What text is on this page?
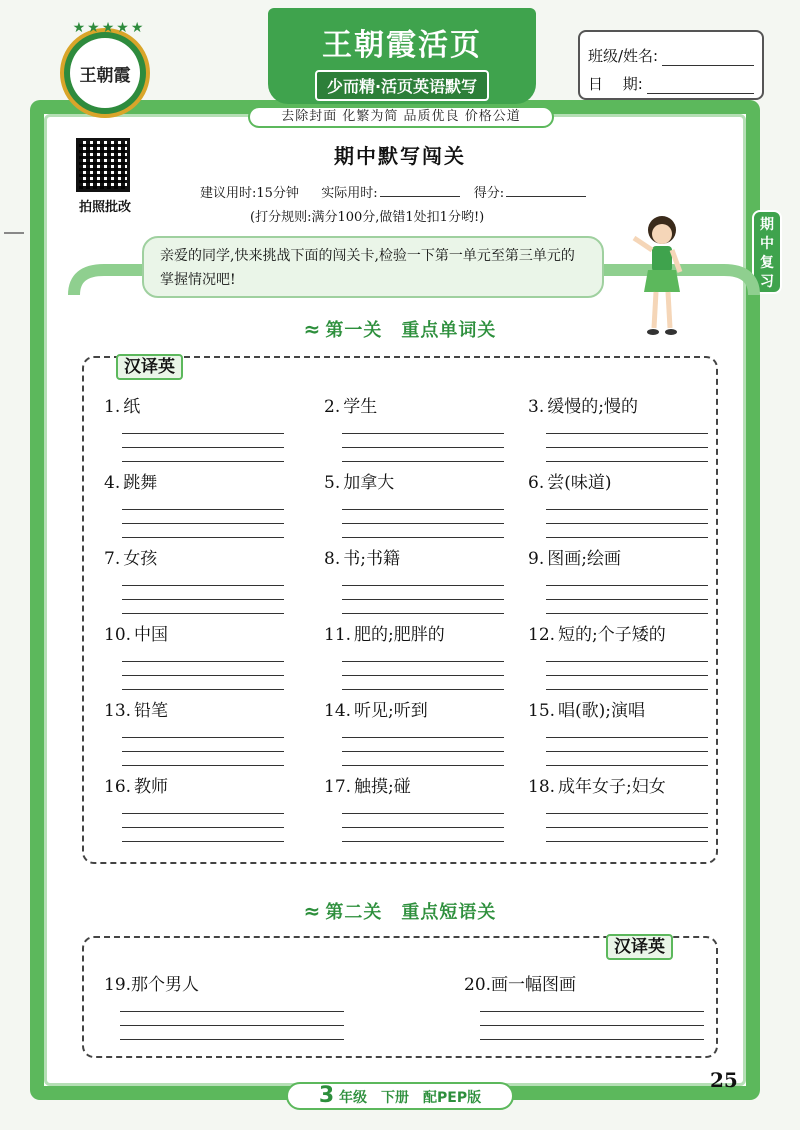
★★★★★
王朝霞
王朝霞活页
少而精·活页英语默写
去除封面 化繁为简 品质优良 价格公道
班级/姓名:
日　 期:
拍照批改
期中默写闯关
建议用时:15分钟 实际用时:	得分:
(打分规则:满分100分,做错1处扣1分哟!)	期中复习
亲爱的同学,快来挑战下面的闯关卡,检验一下第一单元至第三单元的掌握情况吧!
≈ 第一关　重点单词关
汉译英
1. 纸	2. 学生	3. 缓慢的;慢的
4. 跳舞	5. 加拿大	6. 尝(味道)
7. 女孩	8. 书;书籍	9. 图画;绘画
10. 中国	11. 肥的;肥胖的	12. 短的;个子矮的
13. 铅笔	14. 听见;听到	15. 唱(歌);演唱
16. 教师	17. 触摸;碰	18. 成年女子;妇女
≈ 第二关　重点短语关
汉译英
19.那个男人	20.画一幅图画
3 年级　下册　配PEP版
25
